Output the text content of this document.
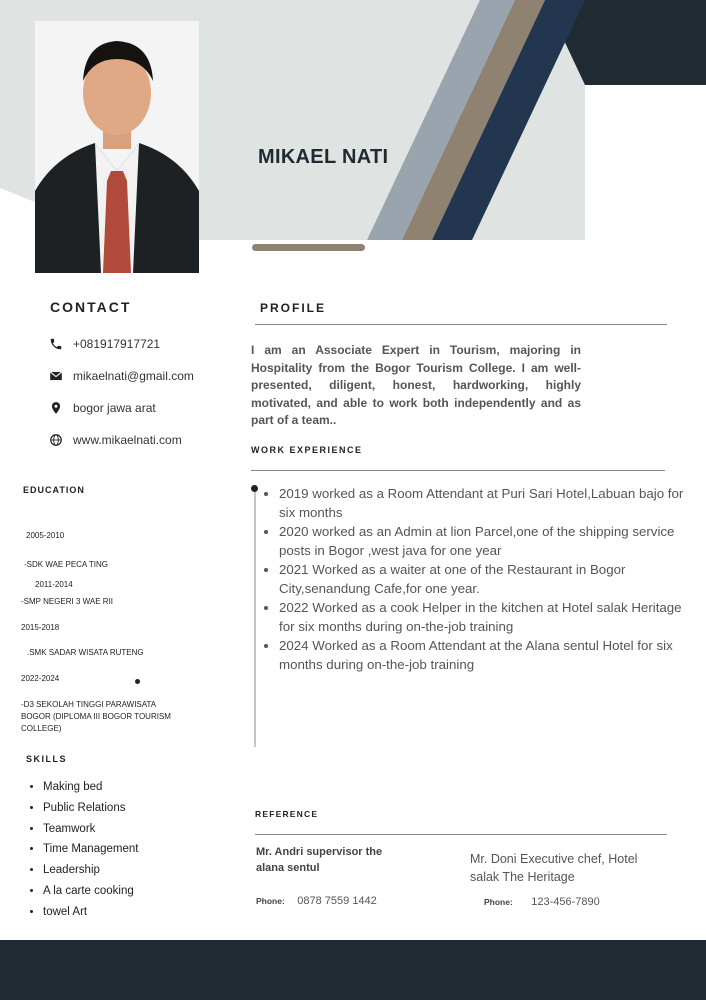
MIKAEL NATI
CONTACT
+081917917721
mikaelnati@gmail.com
bogor jawa arat
www.mikaelnati.com
EDUCATION
2005-2010
-SDK WAE PECA TING
2011-2014
-SMP NEGERI 3 WAE RII
2015-2018
.SMK SADAR WISATA RUTENG
2022-2024
-D3 SEKOLAH TINGGI PARAWISATA
BOGOR (DIPLOMA III BOGOR TOURISM
COLLEGE)
SKILLS
• Making bed
• Public Relations
• Teamwork
• Time Management
• Leadership
• A la carte cooking
• towel Art
PROFILE
I am an Associate Expert in Tourism, majoring in Hospitality from the Bogor Tourism College. I am well-presented, diligent, honest, hardworking, highly motivated, and able to work both independently and as part of a team..
WORK EXPERIENCE
• 2019 worked as a Room Attendant at Puri Sari Hotel,Labuan bajo for six months
• 2020 worked as an Admin at lion Parcel,one of the shipping service posts in Bogor ,west java for one year
• 2021 Worked as a waiter at one of the Restaurant in Bogor City,senandung Cafe,for one year.
• 2022 Worked as a cook Helper in the kitchen at Hotel salak Heritage for six months during on-the-job training
• 2024 Worked as a Room Attendant at the Alana sentul Hotel for six months during on-the-job training
REFERENCE
Mr. Andri supervisor the alana sentul
Phone: 0878 7559 1442
Mr. Doni Executive chef, Hotel salak The Heritage
Phone: 123-456-7890
